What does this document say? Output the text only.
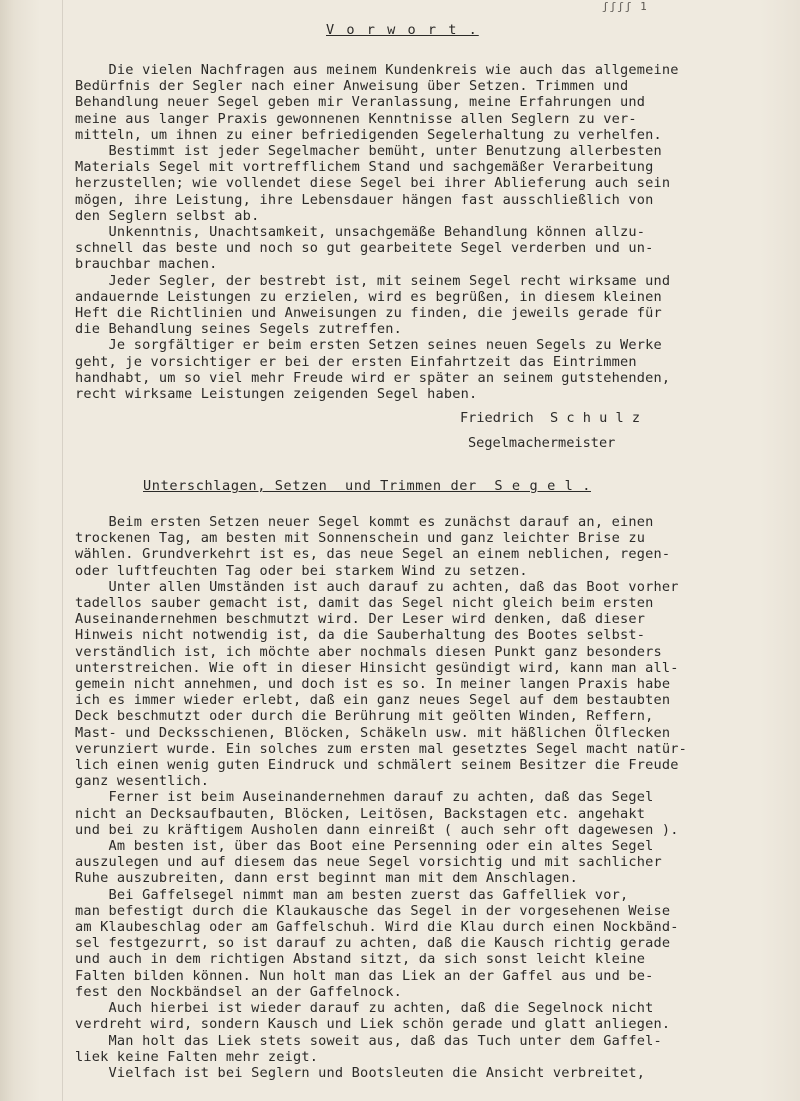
ʃʃʃʃ 1
V o r w o r t .
Die vielen Nachfragen aus meinem Kundenkreis wie auch das allgemeine
Bedürfnis der Segler nach einer Anweisung über Setzen. Trimmen und
Behandlung neuer Segel geben mir Veranlassung, meine Erfahrungen und
meine aus langer Praxis gewonnenen Kenntnisse allen Seglern zu ver-
mitteln, um ihnen zu einer befriedigenden Segelerhaltung zu verhelfen.
Bestimmt ist jeder Segelmacher bemüht, unter Benutzung allerbesten
Materials Segel mit vortrefflichem Stand und sachgemäßer Verarbeitung
herzustellen; wie vollendet diese Segel bei ihrer Ablieferung auch sein
mögen, ihre Leistung, ihre Lebensdauer hängen fast ausschließlich von
den Seglern selbst ab.
Unkenntnis, Unachtsamkeit, unsachgemäße Behandlung können allzu-
schnell das beste und noch so gut gearbeitete Segel verderben und un-
brauchbar machen.
Jeder Segler, der bestrebt ist, mit seinem Segel recht wirksame und
andauernde Leistungen zu erzielen, wird es begrüßen, in diesem kleinen
Heft die Richtlinien und Anweisungen zu finden, die jeweils gerade für
die Behandlung seines Segels zutreffen.
Je sorgfältiger er beim ersten Setzen seines neuen Segels zu Werke
geht, je vorsichtiger er bei der ersten Einfahrtzeit das Eintrimmen
handhabt, um so viel mehr Freude wird er später an seinem gutstehenden,
recht wirksame Leistungen zeigenden Segel haben.
Friedrich  S c h u l z
Segelmachermeister
Unterschlagen, Setzen  und Trimmen der  S e g e l .
Beim ersten Setzen neuer Segel kommt es zunächst darauf an, einen
trockenen Tag, am besten mit Sonnenschein und ganz leichter Brise zu
wählen. Grundverkehrt ist es, das neue Segel an einem neblichen, regen-
oder luftfeuchten Tag oder bei starkem Wind zu setzen.
Unter allen Umständen ist auch darauf zu achten, daß das Boot vorher
tadellos sauber gemacht ist, damit das Segel nicht gleich beim ersten
Auseinandernehmen beschmutzt wird. Der Leser wird denken, daß dieser
Hinweis nicht notwendig ist, da die Sauberhaltung des Bootes selbst-
verständlich ist, ich möchte aber nochmals diesen Punkt ganz besonders
unterstreichen. Wie oft in dieser Hinsicht gesündigt wird, kann man all-
gemein nicht annehmen, und doch ist es so. In meiner langen Praxis habe
ich es immer wieder erlebt, daß ein ganz neues Segel auf dem bestaubten
Deck beschmutzt oder durch die Berührung mit geölten Winden, Reffern,
Mast- und Decksschienen, Blöcken, Schäkeln usw. mit häßlichen Ölflecken
verunziert wurde. Ein solches zum ersten mal gesetztes Segel macht natür-
lich einen wenig guten Eindruck und schmälert seinem Besitzer die Freude
ganz wesentlich.
Ferner ist beim Auseinandernehmen darauf zu achten, daß das Segel
nicht an Decksaufbauten, Blöcken, Leitösen, Backstagen etc. angehakt
und bei zu kräftigem Ausholen dann einreißt ( auch sehr oft dagewesen ).
Am besten ist, über das Boot eine Persenning oder ein altes Segel
auszulegen und auf diesem das neue Segel vorsichtig und mit sachlicher
Ruhe auszubreiten, dann erst beginnt man mit dem Anschlagen.
Bei Gaffelsegel nimmt man am besten zuerst das Gaffelliek vor,
man befestigt durch die Klaukausche das Segel in der vorgesehenen Weise
am Klaubeschlag oder am Gaffelschuh. Wird die Klau durch einen Nockbänd-
sel festgezurrt, so ist darauf zu achten, daß die Kausch richtig gerade
und auch in dem richtigen Abstand sitzt, da sich sonst leicht kleine
Falten bilden können. Nun holt man das Liek an der Gaffel aus und be-
fest den Nockbändsel an der Gaffelnock.
Auch hierbei ist wieder darauf zu achten, daß die Segelnock nicht
verdreht wird, sondern Kausch und Liek schön gerade und glatt anliegen.
Man holt das Liek stets soweit aus, daß das Tuch unter dem Gaffel-
liek keine Falten mehr zeigt.
Vielfach ist bei Seglern und Bootsleuten die Ansicht verbreitet,
